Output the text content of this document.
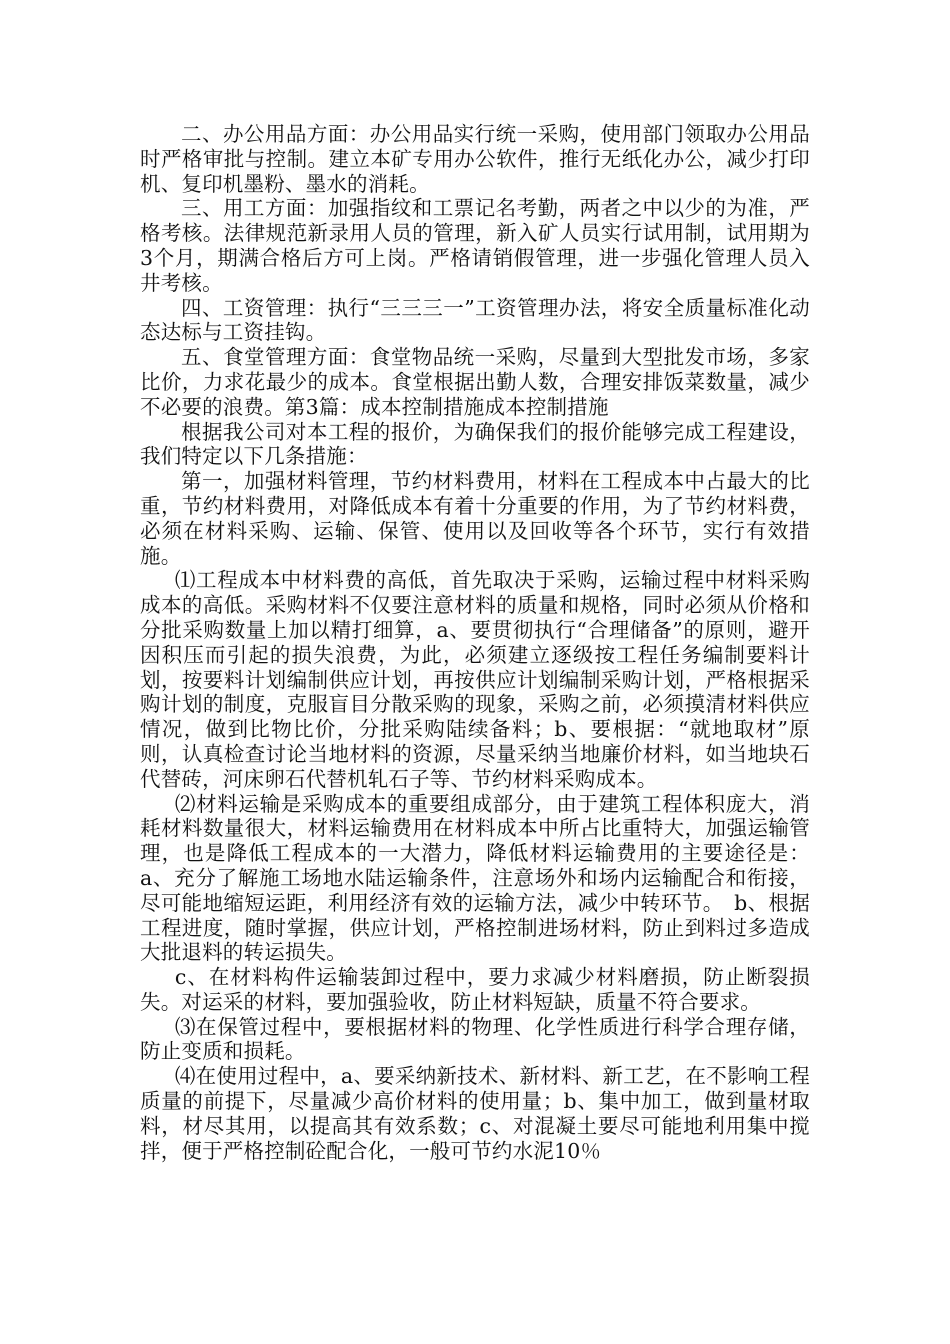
二、办公用品方面：办公用品实行统一采购，使用部门领取办公用品时严格审批与控制。建立本矿专用办公软件，推行无纸化办公，减少打印机、复印机墨粉、墨水的消耗。

三、用工方面：加强指纹和工票记名考勤，两者之中以少的为准，严格考核。法律规范新录用人员的管理，新入矿人员实行试用制，试用期为3个月，期满合格后方可上岗。严格请销假管理，进一步强化管理人员入井考核。

四、工资管理：执行“三三三一”工资管理办法，将安全质量标准化动态达标与工资挂钩。

五、食堂管理方面：食堂物品统一采购，尽量到大型批发市场，多家比价，力求花最少的成本。食堂根据出勤人数，合理安排饭菜数量，减少不必要的浪费。第3篇：成本控制措施成本控制措施

根据我公司对本工程的报价，为确保我们的报价能够完成工程建设，我们特定以下几条措施：

第一，加强材料管理，节约材料费用，材料在工程成本中占最大的比重，节约材料费用，对降低成本有着十分重要的作用，为了节约材料费，必须在材料采购、运输、保管、使用以及回收等各个环节，实行有效措施。

⑴工程成本中材料费的高低，首先取决于采购，运输过程中材料采购成本的高低。采购材料不仅要注意材料的质量和规格，同时必须从价格和分批采购数量上加以精打细算，a、要贯彻执行“合理储备”的原则，避开因积压而引起的损失浪费，为此，必须建立逐级按工程任务编制要料计划，按要料计划编制供应计划，再按供应计划编制采购计划，严格根据采购计划的制度，克服盲目分散采购的现象，采购之前，必须摸清材料供应情况，做到比物比价，分批采购陆续备料；b、要根据：“就地取材”原则，认真检查讨论当地材料的资源，尽量采纳当地廉价材料，如当地块石代替砖，河床卵石代替机轧石子等、节约材料采购成本。

⑵材料运输是采购成本的重要组成部分，由于建筑工程体积庞大，消耗材料数量很大，材料运输费用在材料成本中所占比重特大，加强运输管理，也是降低工程成本的一大潜力，降低材料运输费用的主要途径是： a、充分了解施工场地水陆运输条件，注意场外和场内运输配合和衔接，尽可能地缩短运距，利用经济有效的运输方法，减少中转环节。　b、根据工程进度，随时掌握，供应计划，严格控制进场材料，防止到料过多造成大批退料的转运损失。

c、在材料构件运输装卸过程中，要力求减少材料磨损，防止断裂损失。对运采的材料，要加强验收，防止材料短缺，质量不符合要求。

⑶在保管过程中，要根据材料的物理、化学性质进行科学合理存储，防止变质和损耗。

⑷在使用过程中，a、要采纳新技术、新材料、新工艺，在不影响工程质量的前提下，尽量减少高价材料的使用量；b、集中加工，做到量材取料，材尽其用，以提高其有效系数；c、对混凝土要尽可能地利用集中搅拌，便于严格控制砼配合化，一般可节约水泥10％
